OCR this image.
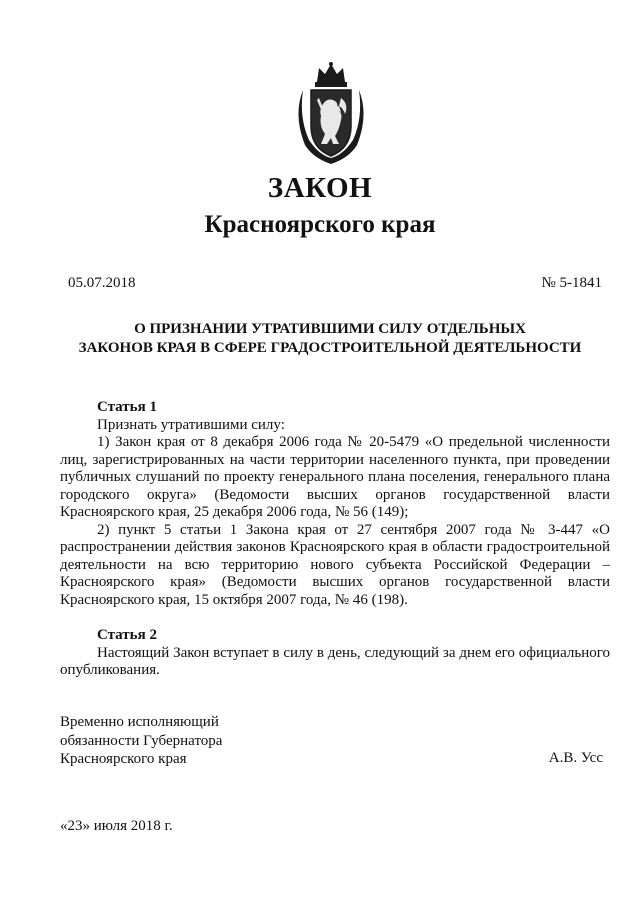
ЗАКОН
Красноярского края
05.07.2018	№ 5-1841
О ПРИЗНАНИИ УТРАТИВШИМИ СИЛУ ОТДЕЛЬНЫХ
ЗАКОНОВ КРАЯ В СФЕРЕ ГРАДОСТРОИТЕЛЬНОЙ ДЕЯТЕЛЬНОСТИ
Статья 1

Признать утратившими силу:

1) Закон края от 8 декабря 2006 года № 20-5479 «О предельной численности лиц, зарегистрированных на части территории населенного пункта, при проведении публичных слушаний по проекту генерального плана поселения, генерального плана городского округа» (Ведомости высших органов государственной власти Красноярского края, 25 декабря 2006 года, № 56 (149);

2) пункт 5 статьи 1 Закона края от 27 сентября 2007 года № 3-447 «О распространении действия законов Красноярского края в области градостроительной деятельности на всю территорию нового субъекта Российской Федерации – Красноярского края» (Ведомости высших органов государственной власти Красноярского края, 15 октября 2007 года, № 46 (198).

Статья 2

Настоящий Закон вступает в силу в день, следующий за днем его официального опубликования.

Временно исполняющий
обязанности Губернатора
Красноярского края	А.В. Усс
«23» июля 2018 г.
